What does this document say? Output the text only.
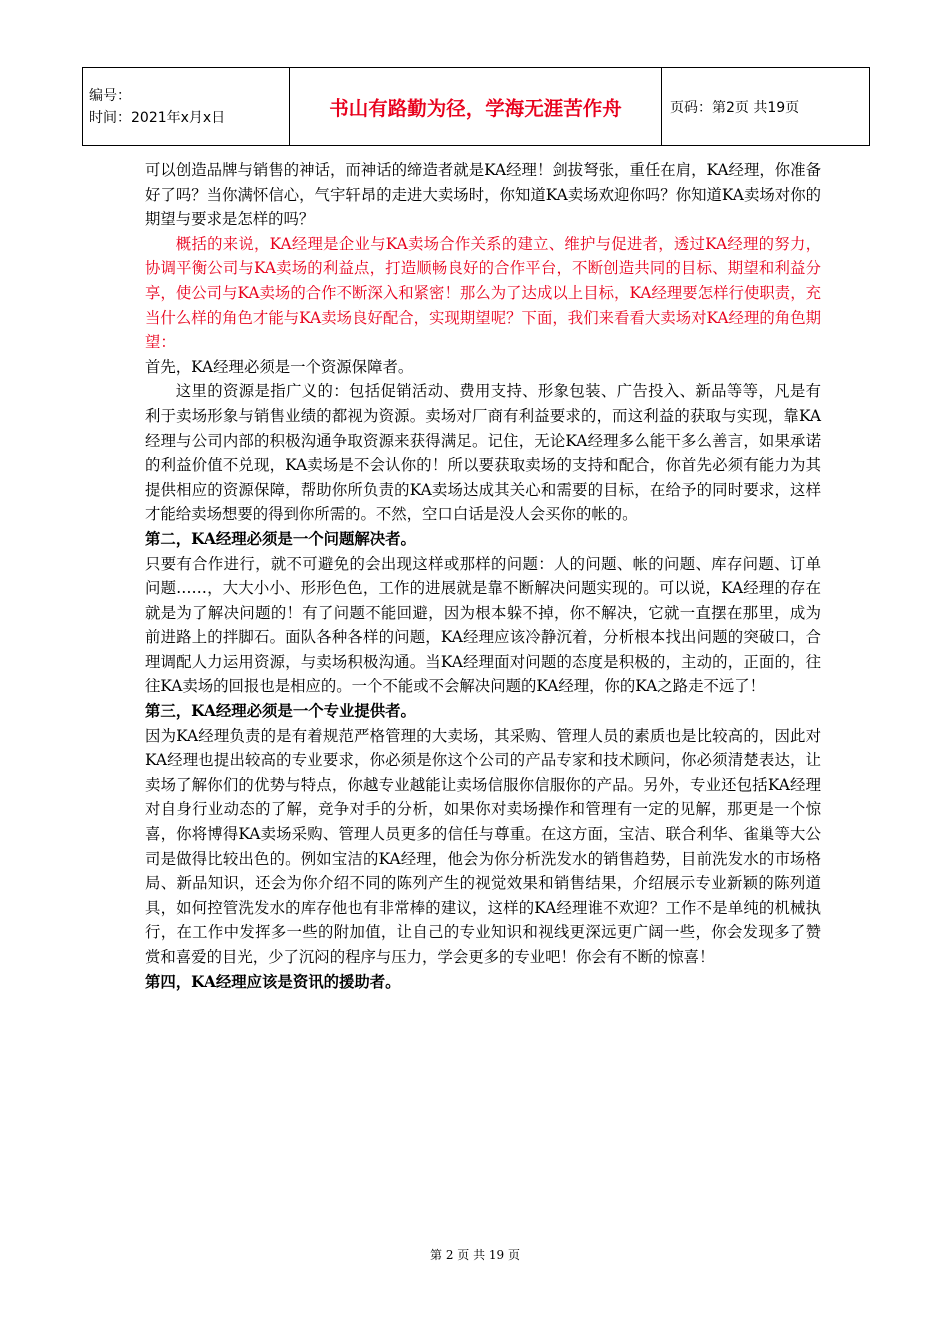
编号：
时间：2021年x月x日	书山有路勤为径，学海无涯苦作舟	页码：第2页 共19页

可以创造品牌与销售的神话，而神话的缔造者就是KA经理！剑拔弩张，重任在肩，KA经理，你准备好了吗？当你满怀信心，气宇轩昂的走进大卖场时，你知道KA卖场欢迎你吗？你知道KA卖场对你的期望与要求是怎样的吗？

概括的来说，KA经理是企业与KA卖场合作关系的建立、维护与促进者，透过KA经理的努力，协调平衡公司与KA卖场的利益点，打造顺畅良好的合作平台，不断创造共同的目标、期望和利益分享，使公司与KA卖场的合作不断深入和紧密！那么为了达成以上目标，KA经理要怎样行使职责，充当什么样的角色才能与KA卖场良好配合，实现期望呢？下面，我们来看看大卖场对KA经理的角色期望：

首先，KA经理必须是一个资源保障者。

这里的资源是指广义的：包括促销活动、费用支持、形象包装、广告投入、新品等等，凡是有利于卖场形象与销售业绩的都视为资源。卖场对厂商有利益要求的，而这利益的获取与实现，靠KA经理与公司内部的积极沟通争取资源来获得满足。记住，无论KA经理多么能干多么善言，如果承诺的利益价值不兑现，KA卖场是不会认你的！所以要获取卖场的支持和配合，你首先必须有能力为其提供相应的资源保障，帮助你所负责的KA卖场达成其关心和需要的目标，在给予的同时要求，这样才能给卖场想要的得到你所需的。不然，空口白话是没人会买你的帐的。

第二，KA经理必须是一个问题解决者。

只要有合作进行，就不可避免的会出现这样或那样的问题：人的问题、帐的问题、库存问题、订单问题……，大大小小、形形色色，工作的进展就是靠不断解决问题实现的。可以说，KA经理的存在就是为了解决问题的！有了问题不能回避，因为根本躲不掉，你不解决，它就一直摆在那里，成为前进路上的拌脚石。面队各种各样的问题，KA经理应该冷静沉着，分析根本找出问题的突破口，合理调配人力运用资源，与卖场积极沟通。当KA经理面对问题的态度是积极的，主动的，正面的，往往KA卖场的回报也是相应的。一个不能或不会解决问题的KA经理，你的KA之路走不远了！

第三，KA经理必须是一个专业提供者。

因为KA经理负责的是有着规范严格管理的大卖场，其采购、管理人员的素质也是比较高的，因此对KA经理也提出较高的专业要求，你必须是你这个公司的产品专家和技术顾问，你必须清楚表达，让卖场了解你们的优势与特点，你越专业越能让卖场信服你信服你的产品。另外，专业还包括KA经理对自身行业动态的了解，竞争对手的分析，如果你对卖场操作和管理有一定的见解，那更是一个惊喜，你将博得KA卖场采购、管理人员更多的信任与尊重。在这方面，宝洁、联合利华、雀巢等大公司是做得比较出色的。例如宝洁的KA经理，他会为你分析洗发水的销售趋势，目前洗发水的市场格局、新品知识，还会为你介绍不同的陈列产生的视觉效果和销售结果，介绍展示专业新颖的陈列道具，如何控管洗发水的库存他也有非常棒的建议，这样的KA经理谁不欢迎？工作不是单纯的机械执行，在工作中发挥多一些的附加值，让自己的专业知识和视线更深远更广阔一些，你会发现多了赞赏和喜爱的目光，少了沉闷的程序与压力，学会更多的专业吧！你会有不断的惊喜！

第四，KA经理应该是资讯的援助者。

第 2 页 共 19 页
